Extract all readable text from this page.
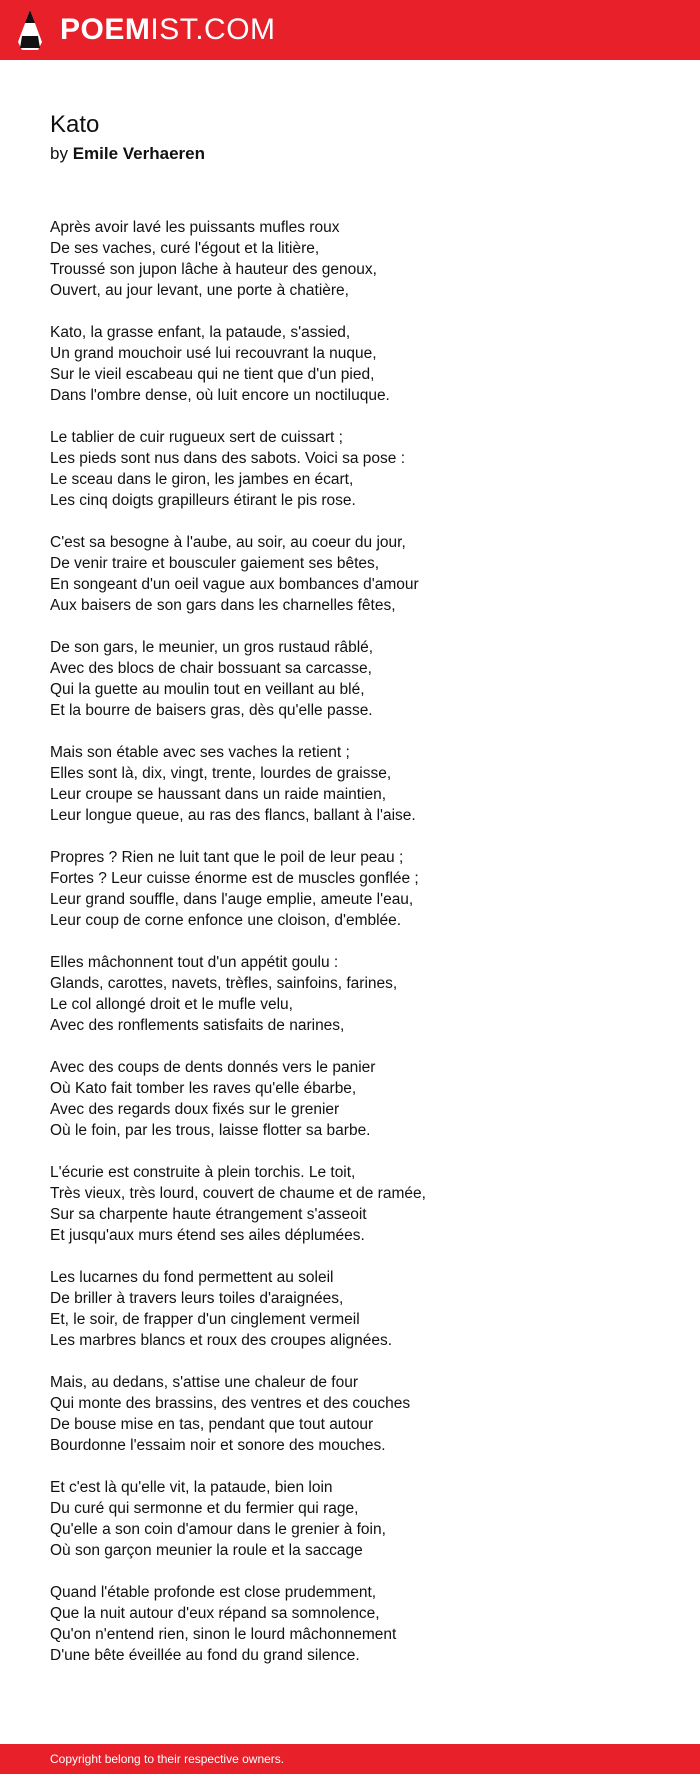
POEMIST.COM
Kato
by Emile Verhaeren
Après avoir lavé les puissants mufles roux
De ses vaches, curé l'égout et la litière,
Troussé son jupon lâche à hauteur des genoux,
Ouvert, au jour levant, une porte à chatière,
Kato, la grasse enfant, la pataude, s'assied,
Un grand mouchoir usé lui recouvrant la nuque,
Sur le vieil escabeau qui ne tient que d'un pied,
Dans l'ombre dense, où luit encore un noctiluque.
Le tablier de cuir rugueux sert de cuissart ;
Les pieds sont nus dans des sabots. Voici sa pose :
Le sceau dans le giron, les jambes en écart,
Les cinq doigts grapilleurs étirant le pis rose.
C'est sa besogne à l'aube, au soir, au coeur du jour,
De venir traire et bousculer gaiement ses bêtes,
En songeant d'un oeil vague aux bombances d'amour
Aux baisers de son gars dans les charnelles fêtes,
De son gars, le meunier, un gros rustaud râblé,
Avec des blocs de chair bossuant sa carcasse,
Qui la guette au moulin tout en veillant au blé,
Et la bourre de baisers gras, dès qu'elle passe.
Mais son étable avec ses vaches la retient ;
Elles sont là, dix, vingt, trente, lourdes de graisse,
Leur croupe se haussant dans un raide maintien,
Leur longue queue, au ras des flancs, ballant à l'aise.
Propres ? Rien ne luit tant que le poil de leur peau ;
Fortes ? Leur cuisse énorme est de muscles gonflée ;
Leur grand souffle, dans l'auge emplie, ameute l'eau,
Leur coup de corne enfonce une cloison, d'emblée.
Elles mâchonnent tout d'un appétit goulu :
Glands, carottes, navets, trèfles, sainfoins, farines,
Le col allongé droit et le mufle velu,
Avec des ronflements satisfaits de narines,
Avec des coups de dents donnés vers le panier
Où Kato fait tomber les raves qu'elle ébarbe,
Avec des regards doux fixés sur le grenier
Où le foin, par les trous, laisse flotter sa barbe.
L'écurie est construite à plein torchis. Le toit,
Très vieux, très lourd, couvert de chaume et de ramée,
Sur sa charpente haute étrangement s'asseoit
Et jusqu'aux murs étend ses ailes déplumées.
Les lucarnes du fond permettent au soleil
De briller à travers leurs toiles d'araignées,
Et, le soir, de frapper d'un cinglement vermeil
Les marbres blancs et roux des croupes alignées.
Mais, au dedans, s'attise une chaleur de four
Qui monte des brassins, des ventres et des couches
De bouse mise en tas, pendant que tout autour
Bourdonne l'essaim noir et sonore des mouches.
Et c'est là qu'elle vit, la pataude, bien loin
Du curé qui sermonne et du fermier qui rage,
Qu'elle a son coin d'amour dans le grenier à foin,
Où son garçon meunier la roule et la saccage
Quand l'étable profonde est close prudemment,
Que la nuit autour d'eux répand sa somnolence,
Qu'on n'entend rien, sinon le lourd mâchonnement
D'une bête éveillée au fond du grand silence.
Copyright belong to their respective owners.
